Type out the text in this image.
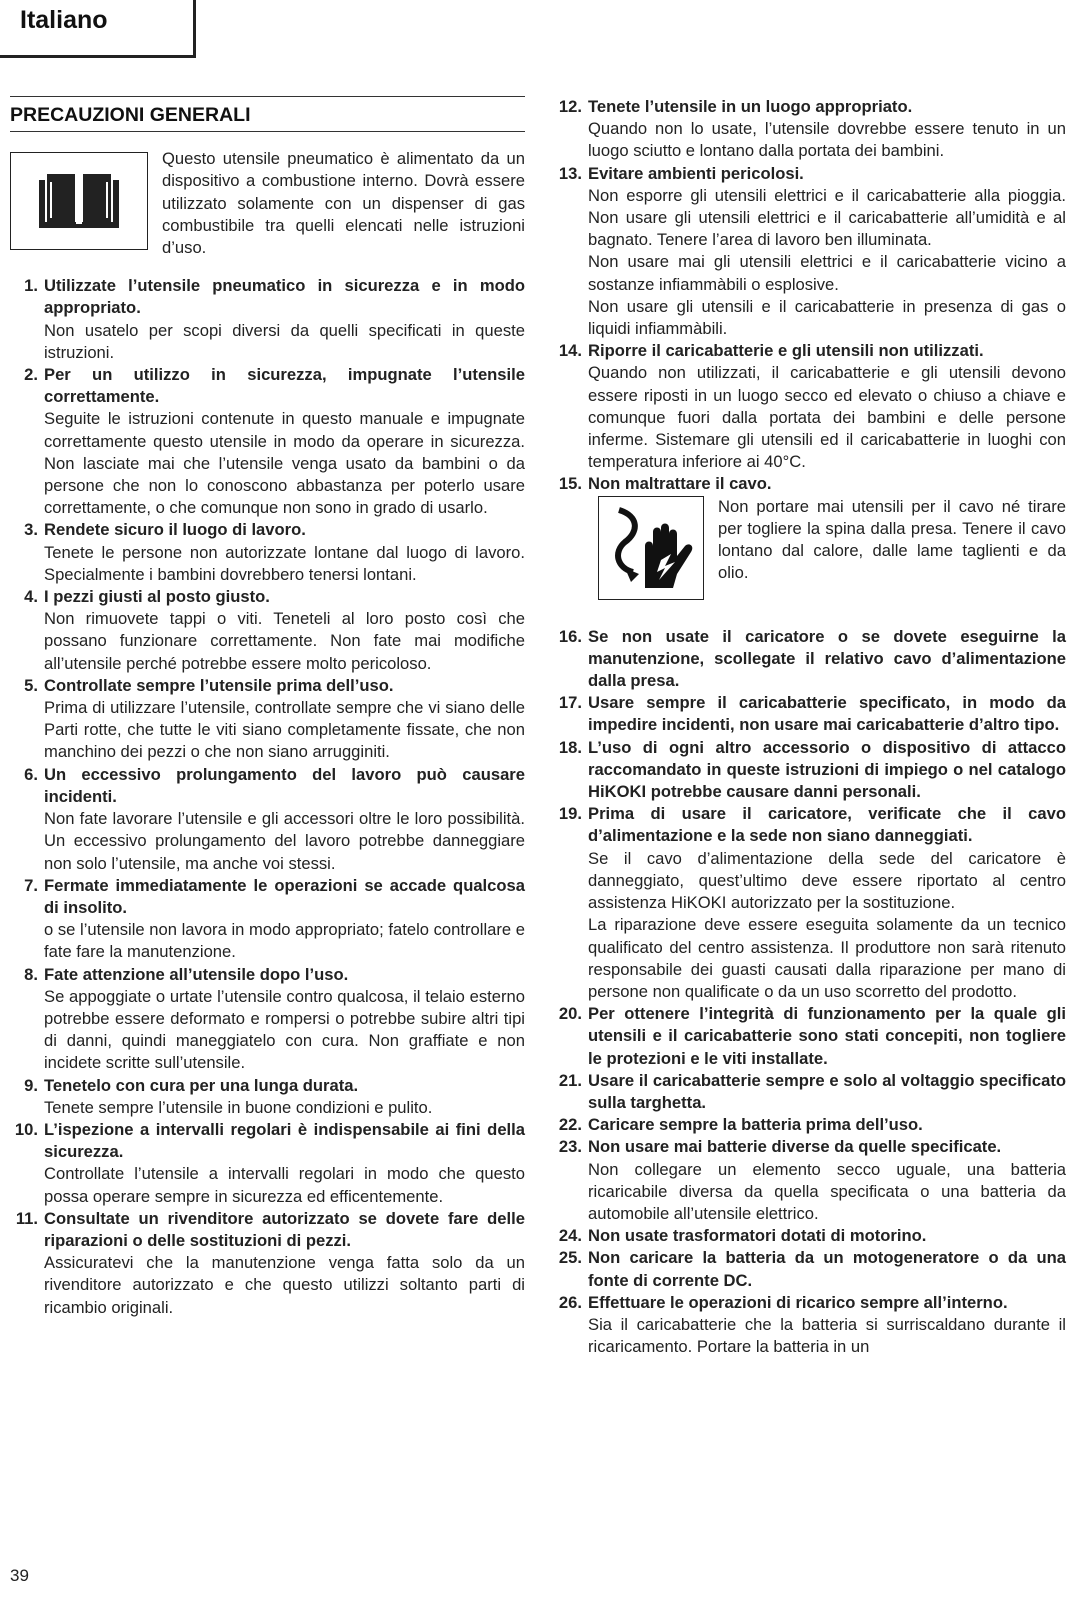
Italiano
PRECAUZIONI GENERALI
Questo utensile pneumatico è alimentato da un dispositivo a combustione interno. Dovrà essere utilizzato solamente con un dispenser di gas combustibile tra quelli elencati nelle istruzioni d’uso.
1. Utilizzate l’utensile pneumatico in sicurezza e in modo appropriato.
Non usatelo per scopi diversi da quelli specificati in queste istruzioni.
2. Per un utilizzo in sicurezza, impugnate l’utensile correttamente.
Seguite le istruzioni contenute in questo manuale e impugnate correttamente questo utensile in modo da operare in sicurezza. Non lasciate mai che l’utensile venga usato da bambini o da persone che non lo conoscono abbastanza per poterlo usare correttamente, o che comunque non sono in grado di usarlo.
3. Rendete sicuro il luogo di lavoro.
Tenete le persone non autorizzate lontane dal luogo di lavoro. Specialmente i bambini dovrebbero tenersi lontani.
4. I pezzi giusti al posto giusto.
Non rimuovete tappi o viti. Teneteli al loro posto così che possano funzionare correttamente. Non fate mai modifiche all’utensile perché potrebbe essere molto pericoloso.
5. Controllate sempre l’utensile prima dell’uso.
Prima di utilizzare l’utensile, controllate sempre che vi siano delle Parti rotte, che tutte le viti siano completamente fissate, che non manchino dei pezzi o che non siano arrugginiti.
6. Un eccessivo prolungamento del lavoro può causare incidenti.
Non fate lavorare l’utensile e gli accessori oltre le loro possibilità. Un eccessivo prolungamento del lavoro potrebbe danneggiare non solo l’utensile, ma anche voi stessi.
7. Fermate immediatamente le operazioni se accade qualcosa di insolito.
o se l’utensile non lavora in modo appropriato; fatelo controllare e fate fare la manutenzione.
8. Fate attenzione all’utensile dopo l’uso.
Se appoggiate o urtate l’utensile contro qualcosa, il telaio esterno potrebbe essere deformato e rompersi o potrebbe subire altri tipi di danni, quindi maneggiatelo con cura. Non graffiate e non incidete scritte sull’utensile.
9. Tenetelo con cura per una lunga durata.
Tenete sempre l’utensile in buone condizioni e pulito.
10. L’ispezione a intervalli regolari è indispensabile ai fini della sicurezza.
Controllate l’utensile a intervalli regolari in modo che questo possa operare sempre in sicurezza ed efficentemente.
11. Consultate un rivenditore autorizzato se dovete fare delle riparazioni o delle sostituzioni di pezzi.
Assicuratevi che la manutenzione venga fatta solo da un rivenditore autorizzato e che questo utilizzi soltanto parti di ricambio originali.
12. Tenete l’utensile in un luogo appropriato.
Quando non lo usate, l’utensile dovrebbe essere tenuto in un luogo sciutto e lontano dalla portata dei bambini.
13. Evitare ambienti pericolosi.
Non esporre gli utensili elettrici e il caricabatterie alla pioggia. Non usare gli utensili elettrici e il caricabatterie all’umidità e al bagnato. Tenere l’area di lavoro ben illuminata.
Non usare mai gli utensili elettrici e il caricabatterie vicino a sostanze infiammàbili o esplosive.
Non usare gli utensili e il caricabatterie in presenza di gas o liquidi infiammàbili.
14. Riporre il caricabatterie e gli utensili non utilizzati.
Quando non utilizzati, il caricabatterie e gli utensili devono essere riposti in un luogo secco ed elevato o chiuso a chiave e comunque fuori dalla portata dei bambini e delle persone inferme. Sistemare gli utensili ed il caricabatterie in luoghi con temperatura inferiore ai 40°C.
15. Non maltrattare il cavo.
Non portare mai utensili per il cavo né tirare per togliere la spina dalla presa. Tenere il cavo lontano dal calore, dalle lame taglienti e da olio.
16. Se non usate il caricatore o se dovete eseguirne la manutenzione, scollegate il relativo cavo d’alimentazione dalla presa.
17. Usare sempre il caricabatterie specificato, in modo da impedire incidenti, non usare mai caricabatterie d’altro tipo.
18. L’uso di ogni altro accessorio o dispositivo di attacco raccomandato in queste istruzioni di impiego o nel catalogo HiKOKI potrebbe causare danni personali.
19. Prima di usare il caricatore, verificate che il cavo d’alimentazione e la sede non siano danneggiati.
Se il cavo d’alimentazione della sede del caricatore è danneggiato, quest’ultimo deve essere riportato al centro assistenza HiKOKI autorizzato per la sostituzione.
La riparazione deve essere eseguita solamente da un tecnico qualificato del centro assistenza. Il produttore non sarà ritenuto responsabile dei guasti causati dalla riparazione per mano di persone non qualificate o da un uso scorretto del prodotto.
20. Per ottenere l’integrità di funzionamento per la quale gli utensili e il caricabatterie sono stati concepiti, non togliere le protezioni e le viti installate.
21. Usare il caricabatterie sempre e solo al voltaggio specificato sulla targhetta.
22. Caricare sempre la batteria prima dell’uso.
23. Non usare mai batterie diverse da quelle specificate.
Non collegare un elemento secco uguale, una batteria ricaricabile diversa da quella specificata o una batteria da automobile all’utensile elettrico.
24. Non usate trasformatori dotati di motorino.
25. Non caricare la batteria da un motogeneratore o da una fonte di corrente DC.
26. Effettuare le operazioni di ricarico sempre all’interno.
Sia il caricabatterie che la batteria si surriscaldano durante il ricaricamento. Portare la batteria in un
39
